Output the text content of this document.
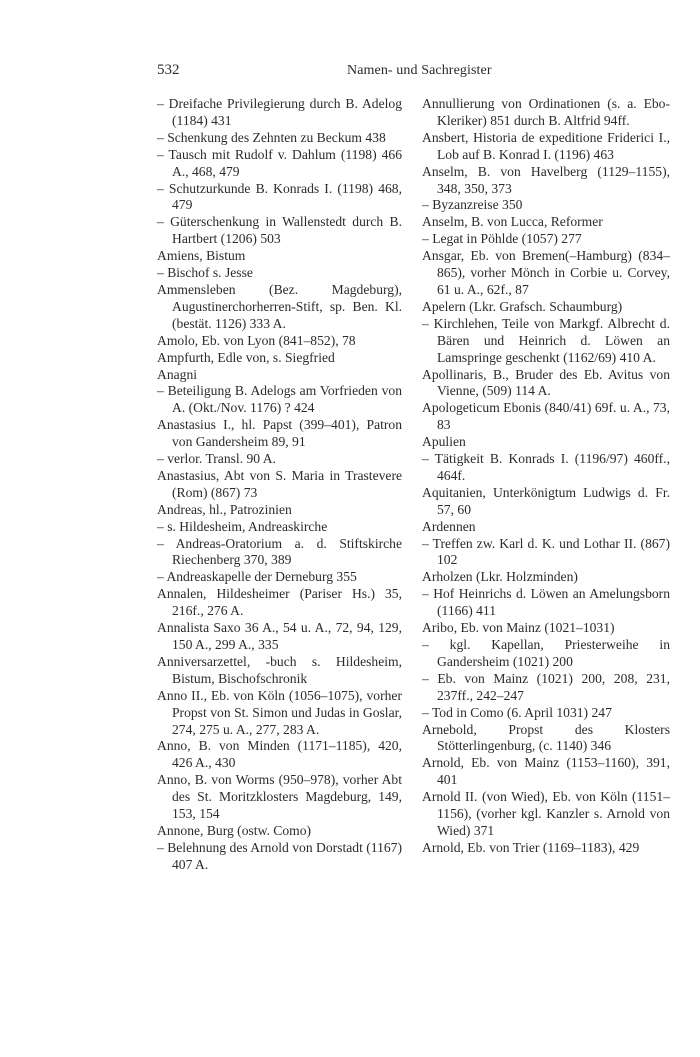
532	Namen- und Sachregister

– Dreifache Privilegierung durch B. Adelog (1184) 431

– Schenkung des Zehnten zu Beckum 438

– Tausch mit Rudolf v. Dahlum (1198) 466 A., 468, 479

– Schutzurkunde B. Konrads I. (1198) 468, 479

– Güterschenkung in Wallenstedt durch B. Hartbert (1206) 503

Amiens, Bistum

– Bischof s. Jesse

Ammensleben (Bez. Magdeburg), Augustinerchorherren-Stift, sp. Ben. Kl. (bestät. 1126) 333 A.

Amolo, Eb. von Lyon (841–852), 78

Ampfurth, Edle von, s. Siegfried

Anagni

– Beteiligung B. Adelogs am Vorfrieden von A. (Okt./Nov. 1176) ? 424

Anastasius I., hl. Papst (399–401), Patron von Gandersheim 89, 91

– verlor. Transl. 90 A.

Anastasius, Abt von S. Maria in Trastevere (Rom) (867) 73

Andreas, hl., Patrozinien

– s. Hildesheim, Andreaskirche

– Andreas-Oratorium a. d. Stiftskirche Riechenberg 370, 389

– Andreaskapelle der Derneburg 355

Annalen, Hildesheimer (Pariser Hs.) 35, 216f., 276 A.

Annalista Saxo 36 A., 54 u. A., 72, 94, 129, 150 A., 299 A., 335

Anniversarzettel, -buch s. Hildesheim, Bistum, Bischofschronik

Anno II., Eb. von Köln (1056–1075), vorher Propst von St. Simon und Judas in Goslar, 274, 275 u. A., 277, 283 A.

Anno, B. von Minden (1171–1185), 420, 426 A., 430

Anno, B. von Worms (950–978), vorher Abt des St. Moritzklosters Magdeburg, 149, 153, 154

Annone, Burg (ostw. Como)

– Belehnung des Arnold von Dorstadt (1167) 407 A.

Annullierung von Ordinationen (s. a. Ebo-Kleriker) 851 durch B. Altfrid 94ff.

Ansbert, Historia de expeditione Friderici I., Lob auf B. Konrad I. (1196) 463

Anselm, B. von Havelberg (1129–1155), 348, 350, 373

– Byzanzreise 350

Anselm, B. von Lucca, Reformer

– Legat in Pöhlde (1057) 277

Ansgar, Eb. von Bremen(–Hamburg) (834–865), vorher Mönch in Corbie u. Corvey, 61 u. A., 62f., 87

Apelern (Lkr. Grafsch. Schaumburg)

– Kirchlehen, Teile von Markgf. Albrecht d. Bären und Heinrich d. Löwen an Lamspringe geschenkt (1162/69) 410 A.

Apollinaris, B., Bruder des Eb. Avitus von Vienne, (509) 114 A.

Apologeticum Ebonis (840/41) 69f. u. A., 73, 83

Apulien

– Tätigkeit B. Konrads I. (1196/97) 460ff., 464f.

Aquitanien, Unterkönigtum Ludwigs d. Fr. 57, 60

Ardennen

– Treffen zw. Karl d. K. und Lothar II. (867) 102

Arholzen (Lkr. Holzminden)

– Hof Heinrichs d. Löwen an Amelungsborn (1166) 411

Aribo, Eb. von Mainz (1021–1031)

– kgl. Kapellan, Priesterweihe in Gandersheim (1021) 200

– Eb. von Mainz (1021) 200, 208, 231, 237ff., 242–247

– Tod in Como (6. April 1031) 247

Arnebold, Propst des Klosters Stötterlingenburg, (c. 1140) 346

Arnold, Eb. von Mainz (1153–1160), 391, 401

Arnold II. (von Wied), Eb. von Köln (1151–1156), (vorher kgl. Kanzler s. Arnold von Wied) 371

Arnold, Eb. von Trier (1169–1183), 429
